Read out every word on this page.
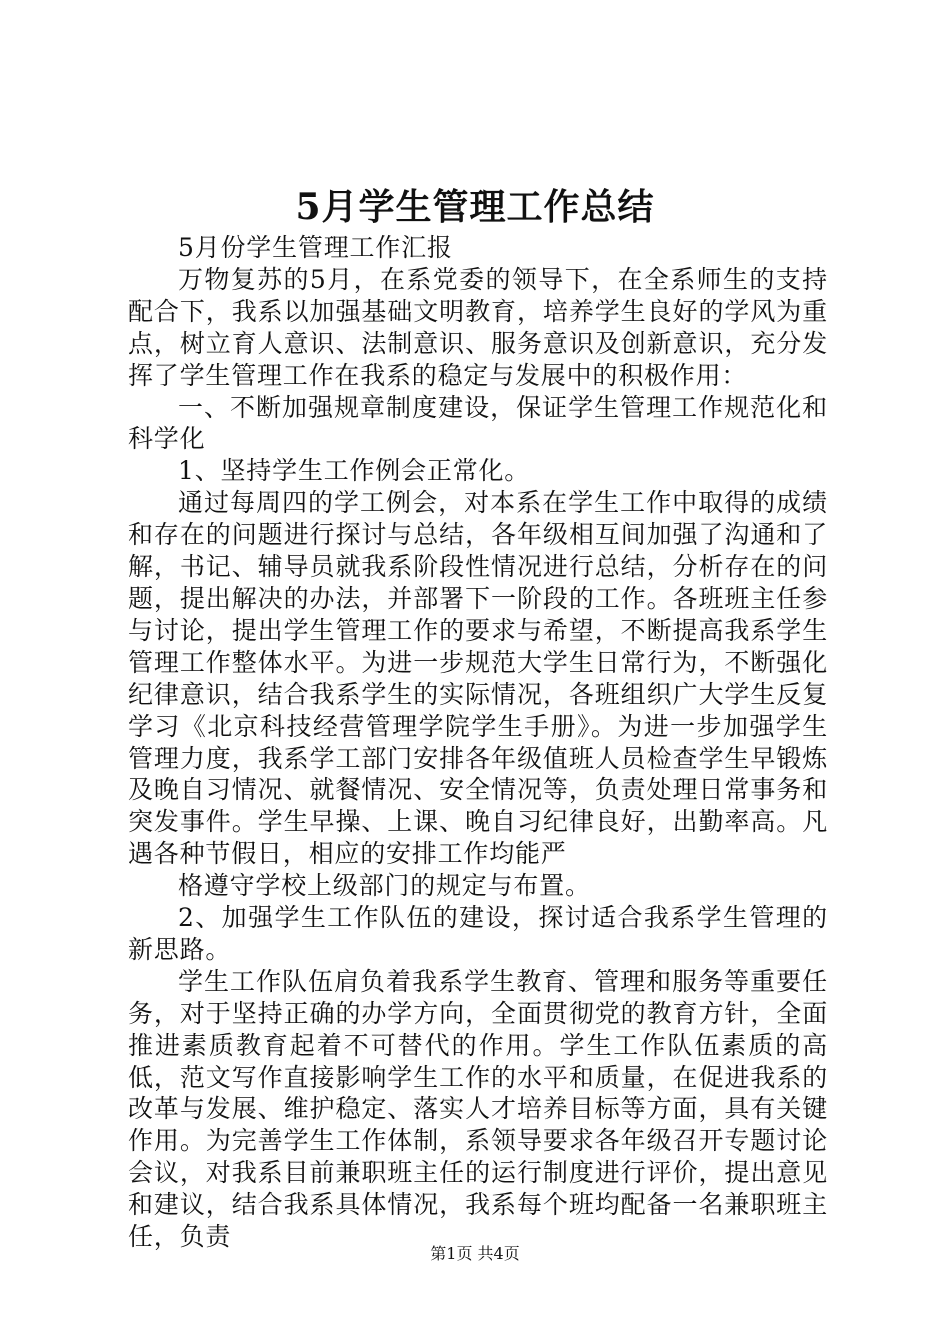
5月学生管理工作总结

5月份学生管理工作汇报

万物复苏的5月，在系党委的领导下，在全系师生的支持配合下，我系以加强基础文明教育，培养学生良好的学风为重点，树立育人意识、法制意识、服务意识及创新意识，充分发挥了学生管理工作在我系的稳定与发展中的积极作用：

一、不断加强规章制度建设，保证学生管理工作规范化和科学化

1、坚持学生工作例会正常化。

通过每周四的学工例会，对本系在学生工作中取得的成绩和存在的问题进行探讨与总结，各年级相互间加强了沟通和了解，书记、辅导员就我系阶段性情况进行总结，分析存在的问题，提出解决的办法，并部署下一阶段的工作。各班班主任参与讨论，提出学生管理工作的要求与希望，不断提高我系学生管理工作整体水平。为进一步规范大学生日常行为，不断强化纪律意识，结合我系学生的实际情况，各班组织广大学生反复学习《北京科技经营管理学院学生手册》。为进一步加强学生管理力度，我系学工部门安排各年级值班人员检查学生早锻炼及晚自习情况、就餐情况、安全情况等，负责处理日常事务和突发事件。学生早操、上课、晚自习纪律良好，出勤率高。凡遇各种节假日，相应的安排工作均能严

格遵守学校上级部门的规定与布置。

2、加强学生工作队伍的建设，探讨适合我系学生管理的新思路。

学生工作队伍肩负着我系学生教育、管理和服务等重要任务，对于坚持正确的办学方向，全面贯彻党的教育方针，全面推进素质教育起着不可替代的作用。学生工作队伍素质的高低，范文写作直接影响学生工作的水平和质量，在促进我系的改革与发展、维护稳定、落实人才培养目标等方面，具有关键作用。为完善学生工作体制，系领导要求各年级召开专题讨论会议，对我系目前兼职班主任的运行制度进行评价，提出意见和建议，结合我系具体情况，我系每个班均配备一名兼职班主任，负责

第1页 共4页
